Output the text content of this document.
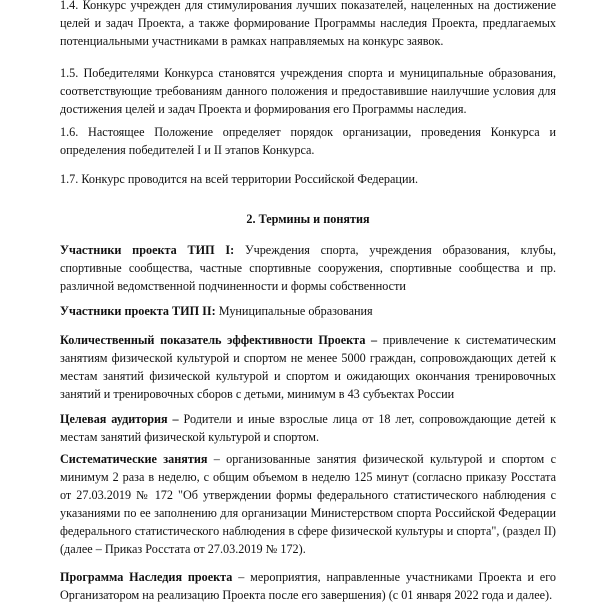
1.4. Конкурс учрежден для стимулирования лучших показателей, нацеленных на достижение целей и задач Проекта, а также формирование Программы наследия Проекта, предлагаемых потенциальными участниками в рамках направляемых на конкурс заявок.

1.5. Победителями Конкурса становятся учреждения спорта и муниципальные образования, соответствующие требованиям данного положения и предоставившие наилучшие условия для достижения целей и задач Проекта и формирования его Программы наследия.

1.6. Настоящее Положение определяет порядок организации, проведения Конкурса и определения победителей I и II этапов Конкурса.

1.7. Конкурс проводится на всей территории Российской Федерации.

2. Термины и понятия

Участники проекта ТИП I: Учреждения спорта, учреждения образования, клубы, спортивные сообщества, частные спортивные сооружения, спортивные сообщества и пр. различной ведомственной подчиненности и формы собственности

Участники проекта ТИП II: Муниципальные образования

Количественный показатель эффективности Проекта – привлечение к систематическим занятиям физической культурой и спортом не менее 5000 граждан, сопровождающих детей к местам занятий физической культурой и спортом и ожидающих окончания тренировочных занятий и тренировочных сборов с детьми, минимум в 43 субъектах России

Целевая аудитория – Родители и иные взрослые лица от 18 лет, сопровождающие детей к местам занятий физической культурой и спортом.

Систематические занятия – организованные занятия физической культурой и спортом с минимум 2 раза в неделю, с общим объемом в неделю 125 минут (согласно приказу Росстата от 27.03.2019 № 172 "Об утверждении формы федерального статистического наблюдения с указаниями по ее заполнению для организации Министерством спорта Российской Федерации федерального статистического наблюдения в сфере физической культуры и спорта", (раздел II) (далее – Приказ Росстата от 27.03.2019 № 172).

Программа Наследия проекта – мероприятия, направленные участниками Проекта и его Организатором на реализацию Проекта после его завершения) (с 01 января 2022 года и далее).
